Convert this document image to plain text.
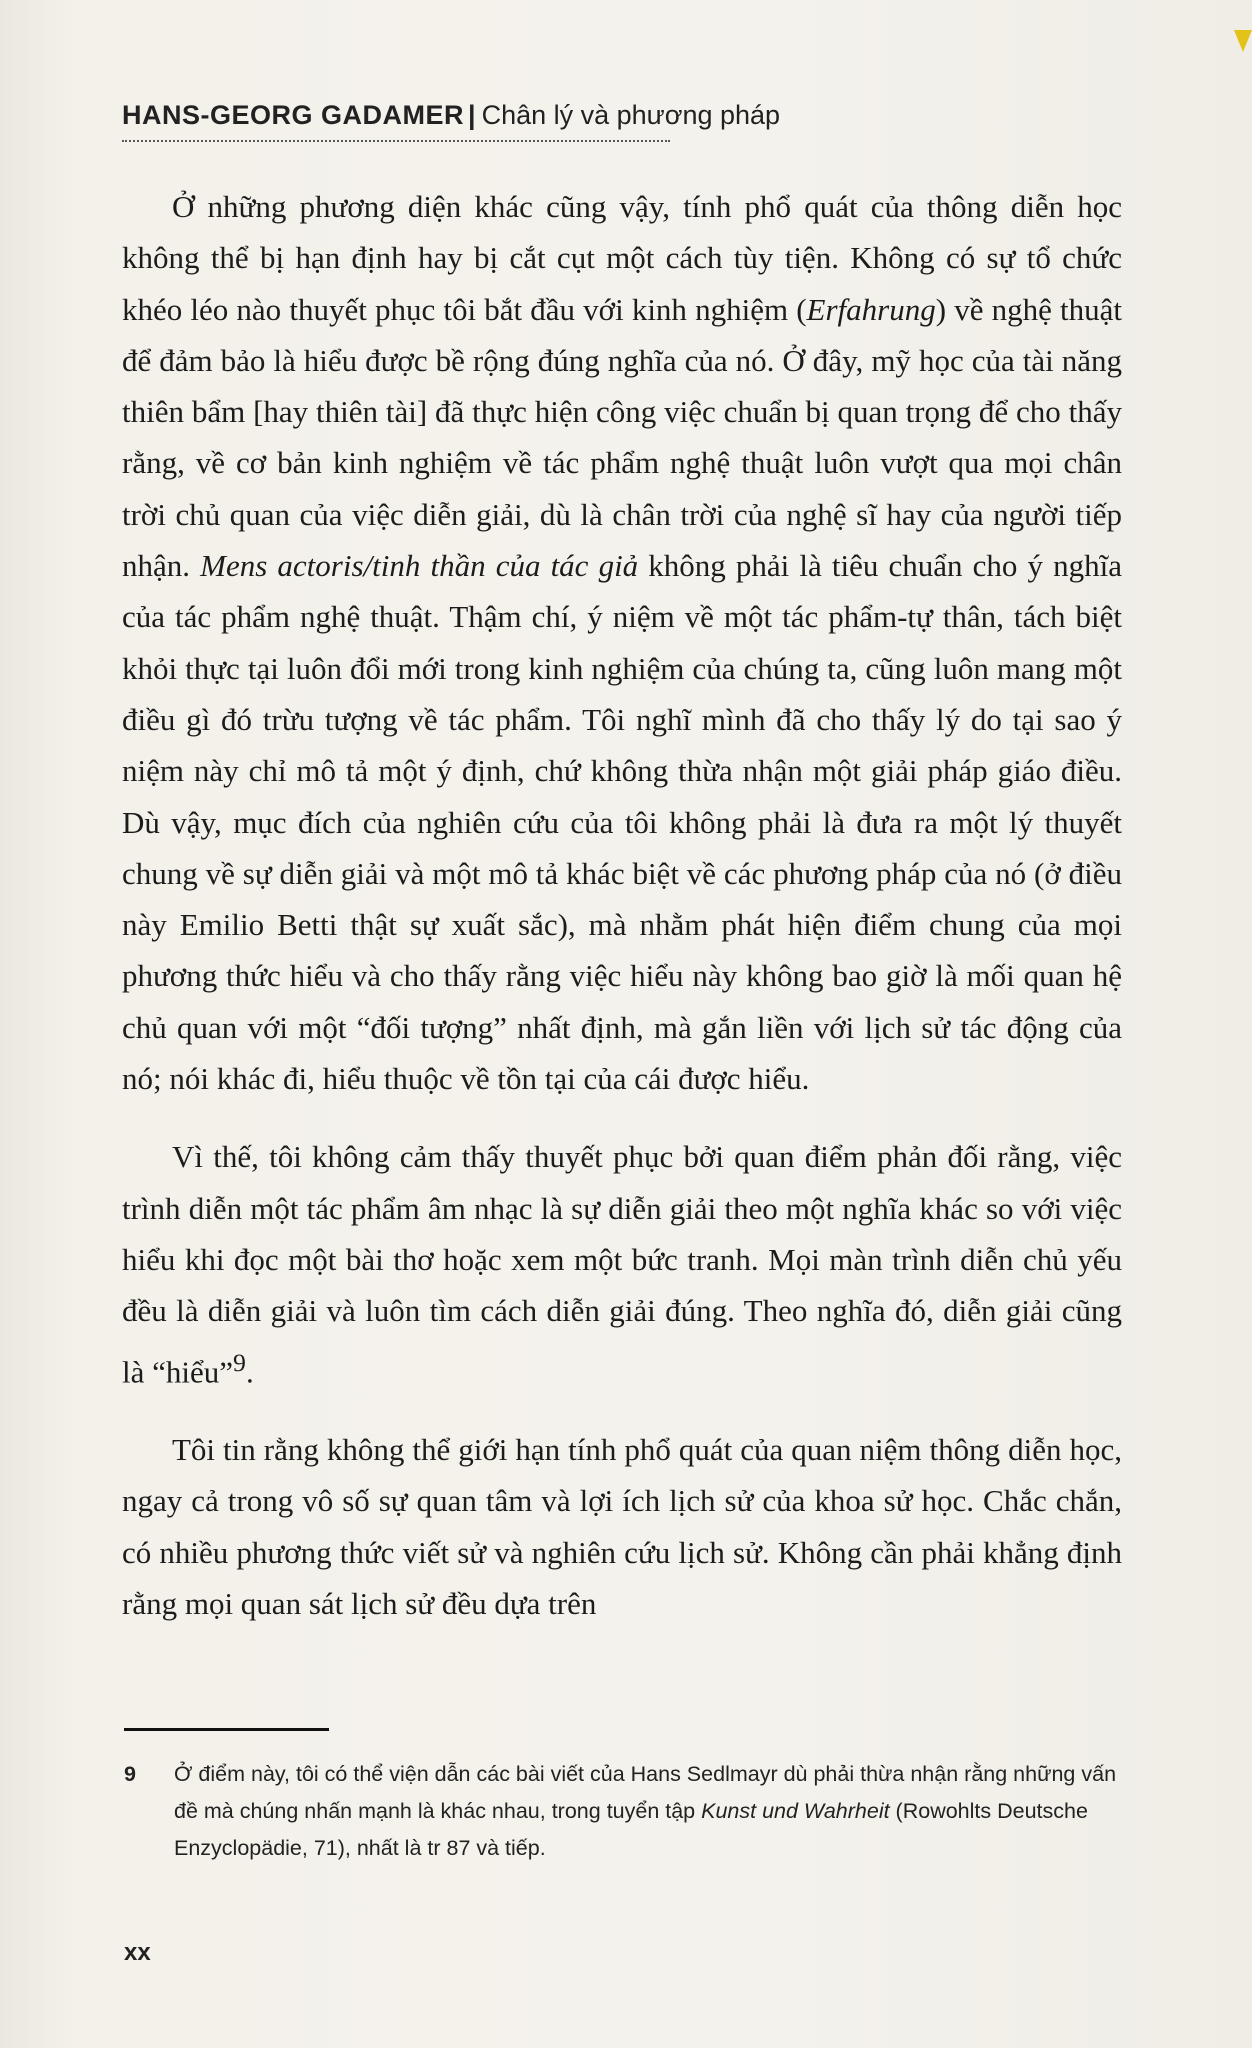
HANS-GEORG GADAMER | Chân lý và phương pháp

Ở những phương diện khác cũng vậy, tính phổ quát của thông diễn học không thể bị hạn định hay bị cắt cụt một cách tùy tiện. Không có sự tổ chức khéo léo nào thuyết phục tôi bắt đầu với kinh nghiệm (Erfahrung) về nghệ thuật để đảm bảo là hiểu được bề rộng đúng nghĩa của nó. Ở đây, mỹ học của tài năng thiên bẩm [hay thiên tài] đã thực hiện công việc chuẩn bị quan trọng để cho thấy rằng, về cơ bản kinh nghiệm về tác phẩm nghệ thuật luôn vượt qua mọi chân trời chủ quan của việc diễn giải, dù là chân trời của nghệ sĩ hay của người tiếp nhận. Mens actoris/tinh thần của tác giả không phải là tiêu chuẩn cho ý nghĩa của tác phẩm nghệ thuật. Thậm chí, ý niệm về một tác phẩm-tự thân, tách biệt khỏi thực tại luôn đổi mới trong kinh nghiệm của chúng ta, cũng luôn mang một điều gì đó trừu tượng về tác phẩm. Tôi nghĩ mình đã cho thấy lý do tại sao ý niệm này chỉ mô tả một ý định, chứ không thừa nhận một giải pháp giáo điều. Dù vậy, mục đích của nghiên cứu của tôi không phải là đưa ra một lý thuyết chung về sự diễn giải và một mô tả khác biệt về các phương pháp của nó (ở điều này Emilio Betti thật sự xuất sắc), mà nhằm phát hiện điểm chung của mọi phương thức hiểu và cho thấy rằng việc hiểu này không bao giờ là mối quan hệ chủ quan với một “đối tượng” nhất định, mà gắn liền với lịch sử tác động của nó; nói khác đi, hiểu thuộc về tồn tại của cái được hiểu.

Vì thế, tôi không cảm thấy thuyết phục bởi quan điểm phản đối rằng, việc trình diễn một tác phẩm âm nhạc là sự diễn giải theo một nghĩa khác so với việc hiểu khi đọc một bài thơ hoặc xem một bức tranh. Mọi màn trình diễn chủ yếu đều là diễn giải và luôn tìm cách diễn giải đúng. Theo nghĩa đó, diễn giải cũng là “hiểu”$^9$.

Tôi tin rằng không thể giới hạn tính phổ quát của quan niệm thông diễn học, ngay cả trong vô số sự quan tâm và lợi ích lịch sử của khoa sử học. Chắc chắn, có nhiều phương thức viết sử và nghiên cứu lịch sử. Không cần phải khẳng định rằng mọi quan sát lịch sử đều dựa trên

9 Ở điểm này, tôi có thể viện dẫn các bài viết của Hans Sedlmayr dù phải thừa nhận rằng những vấn đề mà chúng nhấn mạnh là khác nhau, trong tuyển tập Kunst und Wahrheit (Rowohlts Deutsche Enzyclopädie, 71), nhất là tr 87 và tiếp.
xx
